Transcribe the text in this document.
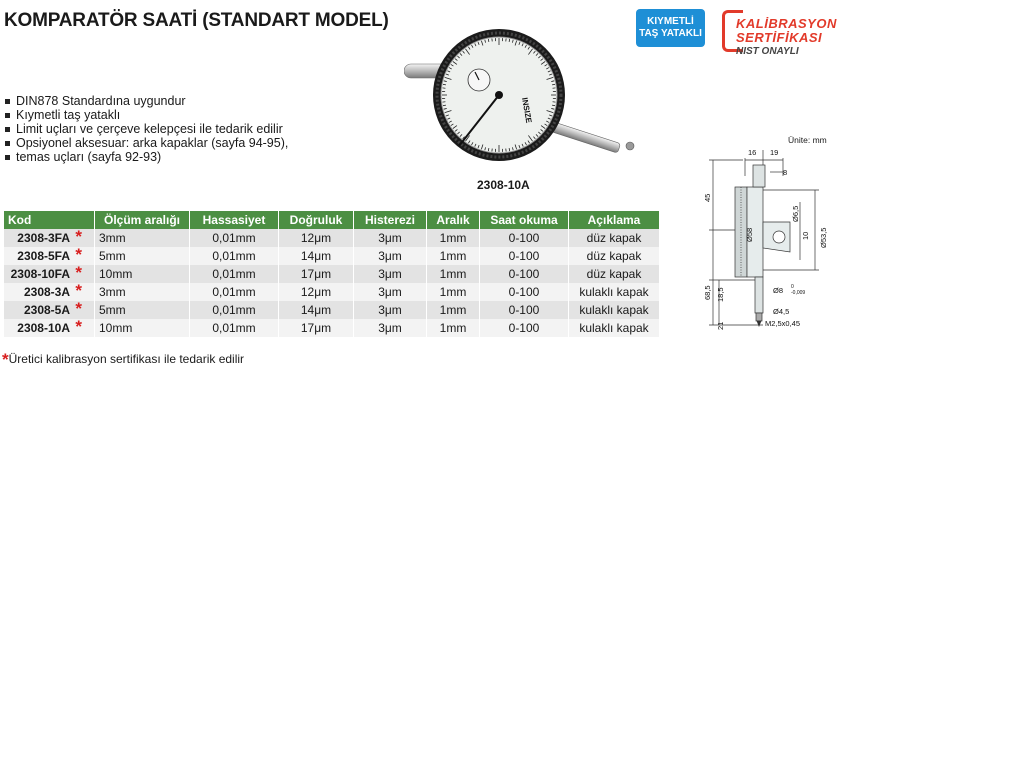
KOMPARATÖR SAATİ (STANDART MODEL)
DIN878 Standardına uygundur
Kıymetli taş yataklı
Limit uçları ve çerçeve kelepçesi ile tedarik edilir
Opsiyonel aksesuar: arka kapaklar (sayfa 94-95),
temas uçları (sayfa 92-93)
KIYMETLİ
TAŞ YATAKLI
KALİBRASYON
SERTİFİKASI
NIST ONAYLI
INSIZE
2308-10A
Kod	Ölçüm aralığı	Hassasiyet	Doğruluk	Histerezi	Aralık	Saat okuma	Açıklama
2308-3FA *	3mm	0,01mm	12μm	3μm	1mm	0-100	düz kapak
2308-5FA *	5mm	0,01mm	14μm	3μm	1mm	0-100	düz kapak
2308-10FA *	10mm	0,01mm	17μm	3μm	1mm	0-100	düz kapak
2308-3A *	3mm	0,01mm	12μm	3μm	1mm	0-100	kulaklı kapak
2308-5A *	5mm	0,01mm	14μm	3μm	1mm	0-100	kulaklı kapak
2308-10A *	10mm	0,01mm	17μm	3μm	1mm	0-100	kulaklı kapak
*Üretici kalibrasyon sertifikası ile tedarik edilir
Ünite: mm
16 19
8
45
Ø58
Ø6,5
10 Ø53,5
68,5 18,5	Ø8 0
-0,009
Ø4,5
21	M2,5x0,45
